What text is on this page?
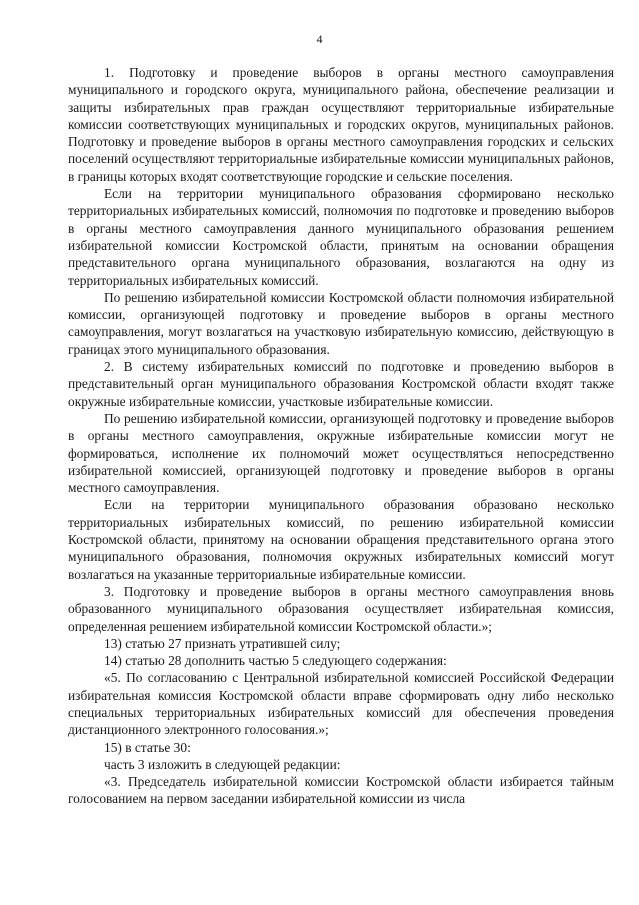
4

1. Подготовку и проведение выборов в органы местного самоуправления муниципального и городского округа, муниципального района, обеспечение реализации и защиты избирательных прав граждан осуществляют территориальные избирательные комиссии соответствующих муниципальных и городских округов, муниципальных районов. Подготовку и проведение выборов в органы местного самоуправления городских и сельских поселений осуществляют территориальные избирательные комиссии муниципальных районов, в границы которых входят соответствующие городские и сельские поселения.

Если на территории муниципального образования сформировано несколько территориальных избирательных комиссий, полномочия по подготовке и проведению выборов в органы местного самоуправления данного муниципального образования решением избирательной комиссии Костромской области, принятым на основании обращения представительного органа муниципального образования, возлагаются на одну из территориальных избирательных комиссий.

По решению избирательной комиссии Костромской области полномочия избирательной комиссии, организующей подготовку и проведение выборов в органы местного самоуправления, могут возлагаться на участковую избирательную комиссию, действующую в границах этого муниципального образования.

2. В систему избирательных комиссий по подготовке и проведению выборов в представительный орган муниципального образования Костромской области входят также окружные избирательные комиссии, участковые избирательные комиссии.

По решению избирательной комиссии, организующей подготовку и проведение выборов в органы местного самоуправления, окружные избирательные комиссии могут не формироваться, исполнение их полномочий может осуществляться непосредственно избирательной комиссией, организующей подготовку и проведение выборов в органы местного самоуправления.

Если на территории муниципального образования образовано несколько территориальных избирательных комиссий, по решению избирательной комиссии Костромской области, принятому на основании обращения представительного органа этого муниципального образования, полномочия окружных избирательных комиссий могут возлагаться на указанные территориальные избирательные комиссии.

3. Подготовку и проведение выборов в органы местного самоуправления вновь образованного муниципального образования осуществляет избирательная комиссия, определенная решением избирательной комиссии Костромской области.»;

13) статью 27 признать утратившей силу;

14) статью 28 дополнить частью 5 следующего содержания:

«5. По согласованию с Центральной избирательной комиссией Российской Федерации избирательная комиссия Костромской области вправе сформировать одну либо несколько специальных территориальных избирательных комиссий для обеспечения проведения дистанционного электронного голосования.»;

15) в статье 30:

часть 3 изложить в следующей редакции:

«3. Председатель избирательной комиссии Костромской области избирается тайным голосованием на первом заседании избирательной комиссии из числа
